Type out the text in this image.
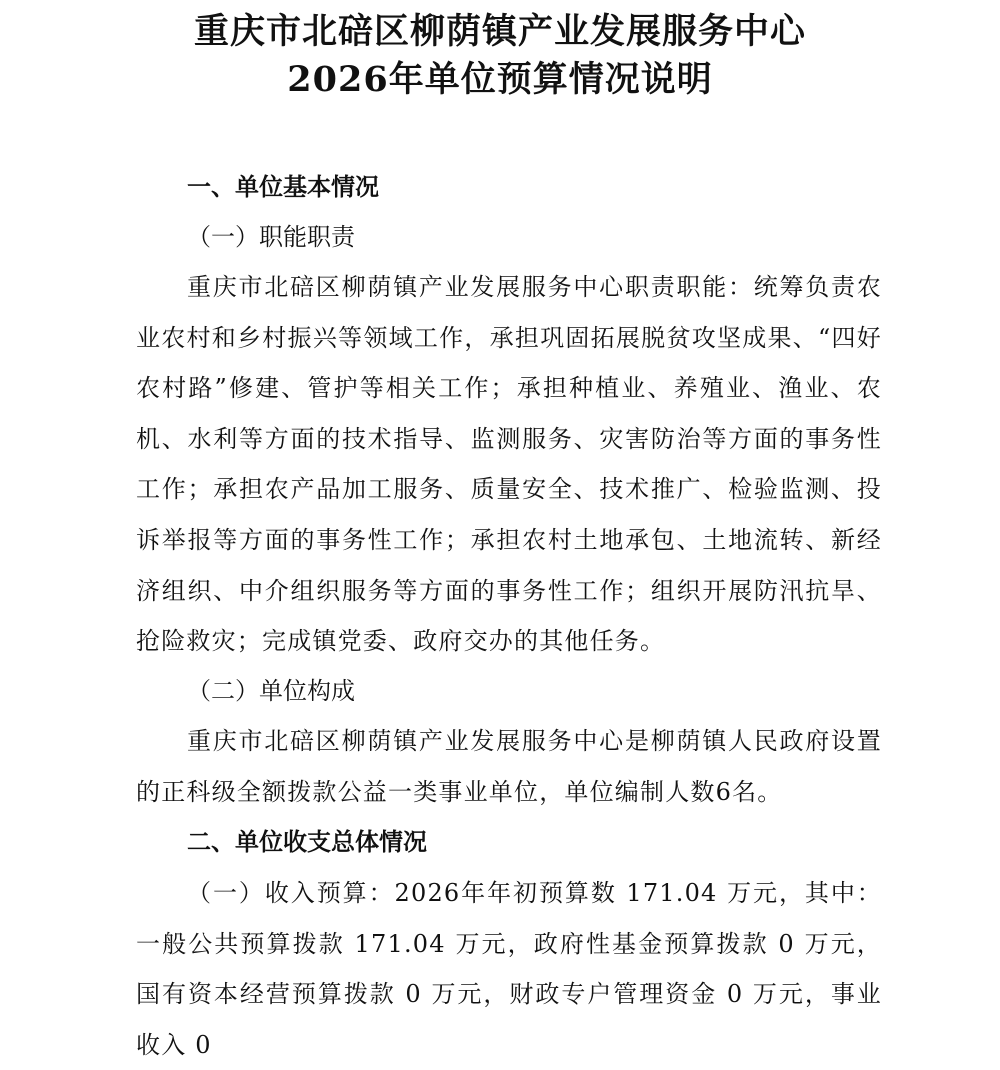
重庆市北碚区柳荫镇产业发展服务中心
2026年单位预算情况说明
一、单位基本情况
（一）职能职责

重庆市北碚区柳荫镇产业发展服务中心职责职能：统筹负责农业农村和乡村振兴等领域工作，承担巩固拓展脱贫攻坚成果、“四好农村路”修建、管护等相关工作；承担种植业、养殖业、渔业、农机、水利等方面的技术指导、监测服务、灾害防治等方面的事务性工作；承担农产品加工服务、质量安全、技术推广、检验监测、投诉举报等方面的事务性工作；承担农村土地承包、土地流转、新经济组织、中介组织服务等方面的事务性工作；组织开展防汛抗旱、抢险救灾；完成镇党委、政府交办的其他任务。

（二）单位构成

重庆市北碚区柳荫镇产业发展服务中心是柳荫镇人民政府设置的正科级全额拨款公益一类事业单位，单位编制人数6名。

二、单位收支总体情况

（一）收入预算：2026年年初预算数 171.04 万元，其中：一般公共预算拨款 171.04 万元，政府性基金预算拨款 0 万元，国有资本经营预算拨款 0 万元，财政专户管理资金 0 万元，事业收入 0
